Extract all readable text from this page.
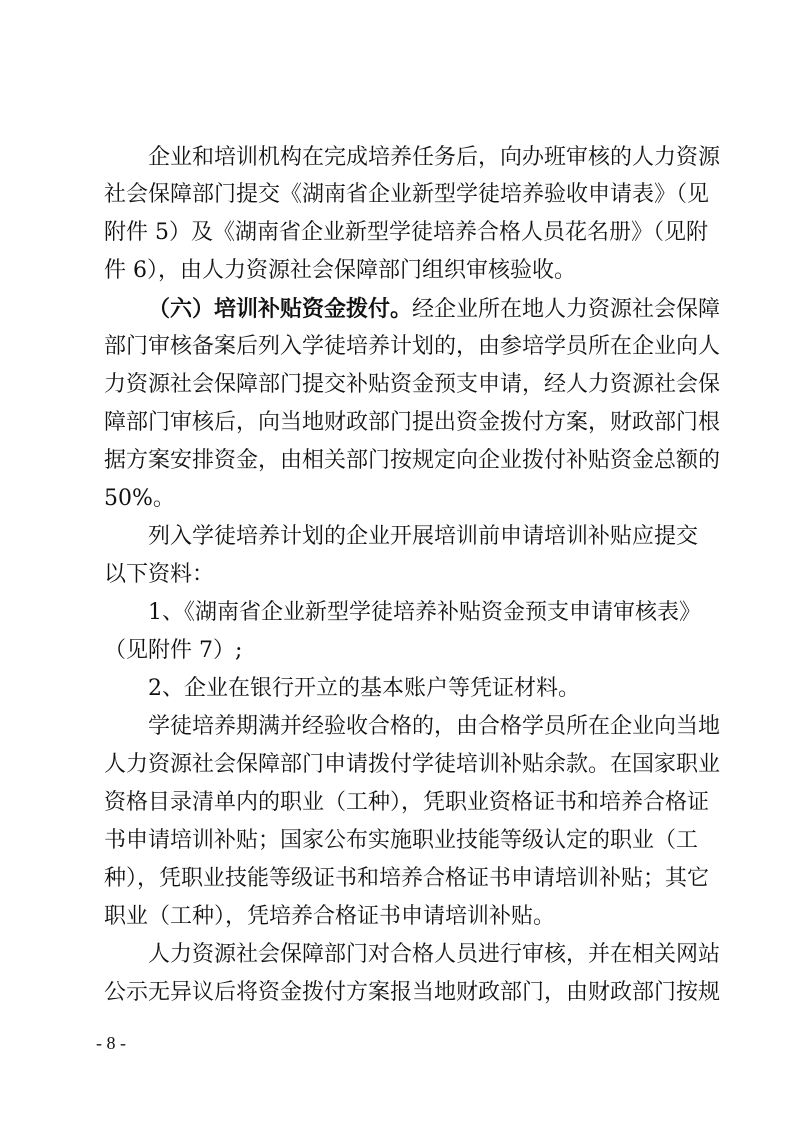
企业和培训机构在完成培养任务后，向办班审核的人力资源
社会保障部门提交《湖南省企业新型学徒培养验收申请表》（见
附件 5）及《湖南省企业新型学徒培养合格人员花名册》（见附
件 6），由人力资源社会保障部门组织审核验收。
（六）培训补贴资金拨付。经企业所在地人力资源社会保障
部门审核备案后列入学徒培养计划的，由参培学员所在企业向人
力资源社会保障部门提交补贴资金预支申请，经人力资源社会保
障部门审核后，向当地财政部门提出资金拨付方案，财政部门根
据方案安排资金，由相关部门按规定向企业拨付补贴资金总额的
50%。
列入学徒培养计划的企业开展培训前申请培训补贴应提交
以下资料：
1、《湖南省企业新型学徒培养补贴资金预支申请审核表》
（见附件 7）;
2、企业在银行开立的基本账户等凭证材料。
学徒培养期满并经验收合格的，由合格学员所在企业向当地
人力资源社会保障部门申请拨付学徒培训补贴余款。在国家职业
资格目录清单内的职业（工种），凭职业资格证书和培养合格证
书申请培训补贴；国家公布实施职业技能等级认定的职业（工
种），凭职业技能等级证书和培养合格证书申请培训补贴；其它
职业（工种），凭培养合格证书申请培训补贴。
人力资源社会保障部门对合格人员进行审核，并在相关网站
公示无异议后将资金拨付方案报当地财政部门，由财政部门按规
- 8 -
